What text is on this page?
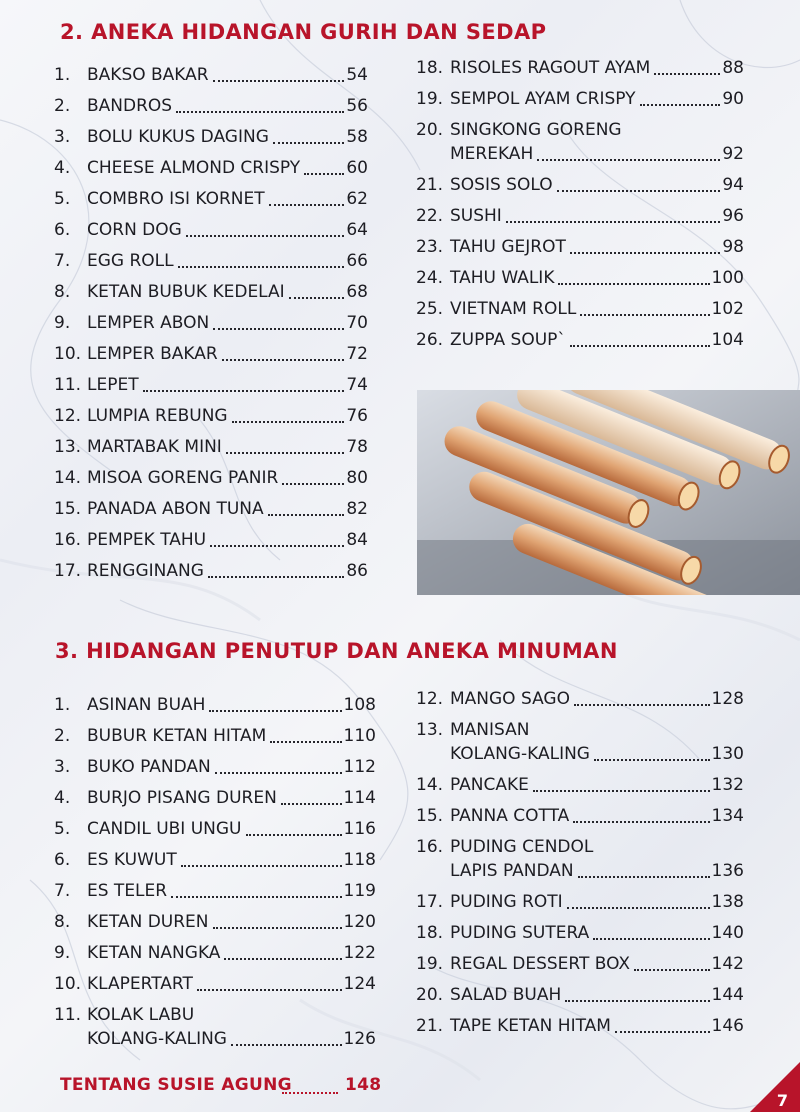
2. ANEKA HIDANGAN GURIH DAN SEDAP
1. BAKSO BAKAR	54
2. BANDROS	56
3. BOLU KUKUS DAGING	58
4. CHEESE ALMOND CRISPY	60
5. COMBRO ISI KORNET	62
6. CORN DOG	64
7. EGG ROLL	66
8. KETAN BUBUK KEDELAI	68
9. LEMPER ABON	70
10. LEMPER BAKAR	72
11. LEPET	74
12. LUMPIA REBUNG	76
13. MARTABAK MINI	78
14. MISOA GORENG PANIR	80
15. PANADA ABON TUNA	82
16. PEMPEK TAHU	84
17. RENGGINANG	86
18. RISOLES RAGOUT AYAM	88
19. SEMPOL AYAM CRISPY	90
20. SINGKONG GORENG
MEREKAH	92
21. SOSIS SOLO	94
22. SUSHI	96
23. TAHU GEJROT	98
24. TAHU WALIK	100
25. VIETNAM ROLL	102
26. ZUPPA SOUP`	104
3. HIDANGAN PENUTUP DAN ANEKA MINUMAN
1. ASINAN BUAH	108
2. BUBUR KETAN HITAM	110
3. BUKO PANDAN	112
4. BURJO PISANG DUREN	114
5. CANDIL UBI UNGU	116
6. ES KUWUT	118
7. ES TELER	119
8. KETAN DUREN	120
9. KETAN NANGKA	122
10. KLAPERTART	124
11. KOLAK LABU
KOLANG-KALING	126
12. MANGO SAGO	128
13. MANISAN
KOLANG-KALING	130
14. PANCAKE	132
15. PANNA COTTA	134
16. PUDING CENDOL
LAPIS PANDAN	136
17. PUDING ROTI	138
18. PUDING SUTERA	140
19. REGAL DESSERT BOX	142
20. SALAD BUAH	144
21. TAPE KETAN HITAM	146
TENTANG SUSIE AGUNG	148
7
